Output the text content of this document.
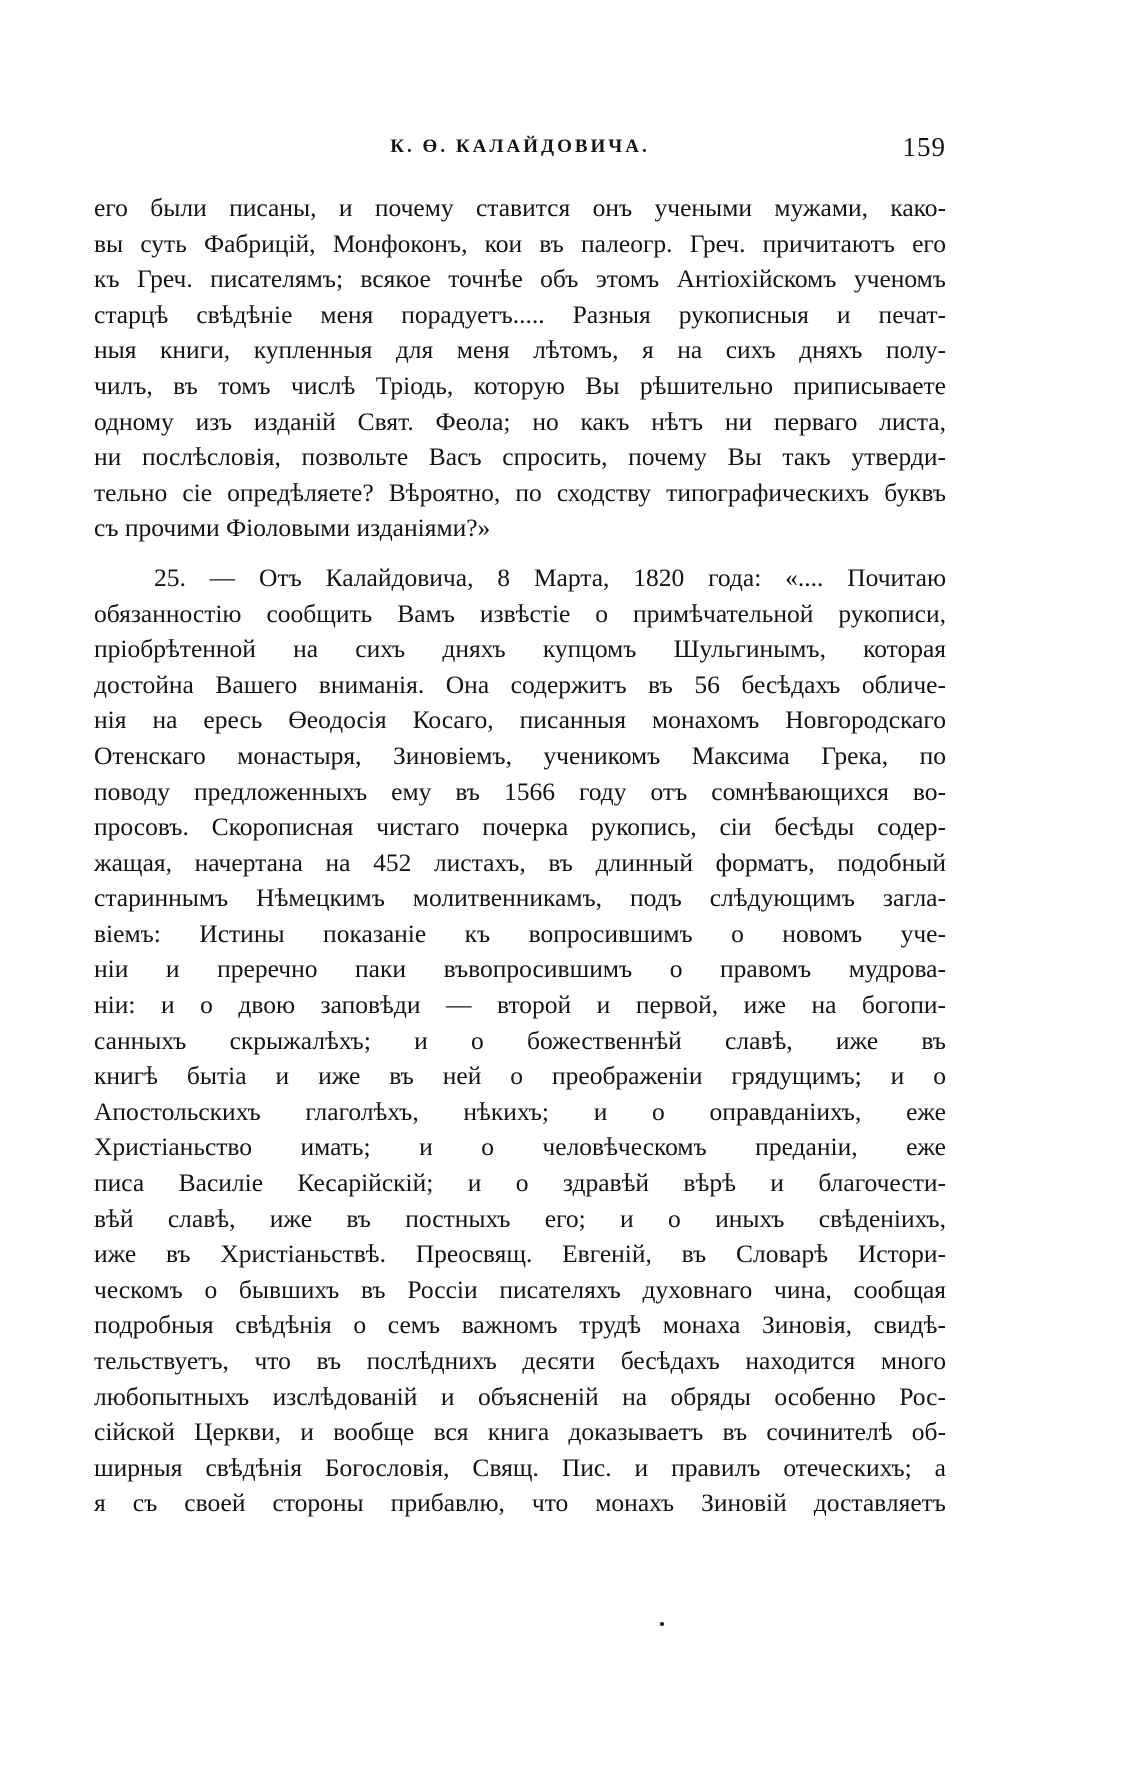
К. Ө. КАЛАЙДОВИЧА.	159
его были писаны, и почему ставится онъ учеными мужами, како-
вы суть Фабрицiй, Монфоконъ, кои въ палеогр. Греч. причитаютъ его
къ Греч. писателямъ; всякое точнѣе объ этомъ Антiохiйскомъ ученомъ
старцѣ свѣдѣнiе меня порадуетъ..... Разныя рукописныя и печат-
ныя книги, купленныя для меня лѣтомъ, я на сихъ дняхъ полу-
чилъ, въ томъ числѣ Трiодь, которую Вы рѣшительно приписываете
одному изъ изданiй Свят. Феола; но какъ нѣтъ ни перваго листа,
ни послѣсловiя, позвольте Васъ спросить, почему Вы такъ утверди-
тельно сiе опредѣляете? Вѣроятно, по сходству типографическихъ буквъ
съ прочими Фiоловыми изданiями?»
25. — Отъ Калайдовича, 8 Марта, 1820 года: «.... Почитаю
обязанностiю сообщить Вамъ извѣстiе о примѣчательной рукописи,
прiобрѣтенной на сихъ дняхъ купцомъ Шульгинымъ, которая
достойна Вашего вниманiя. Она содержитъ въ 56 бесѣдахъ обличе-
нiя на ересь Өеодосiя Косаго, писанныя монахомъ Новгородскаго
Отенскаго монастыря, Зиновiемъ, ученикомъ Максима Грека, по
поводу предложенныхъ ему въ 1566 году отъ сомнѣвающихся во-
просовъ. Скорописная чистаго почерка рукопись, сiи бесѣды содер-
жащая, начертана на 452 листахъ, въ длинный форматъ, подобный
стариннымъ Нѣмецкимъ молитвенникамъ, подъ слѣдующимъ загла-
вiемъ: Истины показанiе къ вопросившимъ о новомъ уче-
нiи и преречно паки въвопросившимъ о правомъ мудрова-
нiи: и о двою заповѣди — второй и первой, иже на богопи-
санныхъ скрыжалѣхъ; и о божественнѣй славѣ, иже въ
книгѣ бытiа и иже въ ней о преображенiи грядущимъ; и о
Апостольскихъ глаголѣхъ, нѣкихъ; и о оправданiихъ, еже
Христiаньство имать; и о человѣческомъ преданiи, еже
писа Василiе Кесарiйскiй; и о здравѣй вѣрѣ и благочести-
вѣй славѣ, иже въ постныхъ его; и о иныхъ свѣденiихъ,
иже въ Христiаньствѣ. Преосвящ. Евгенiй, въ Словарѣ Истори-
ческомъ о бывшихъ въ Россiи писателяхъ духовнаго чина, сообщая
подробныя свѣдѣнiя о семъ важномъ трудѣ монаха Зиновiя, свидѣ-
тельствуетъ, что въ послѣднихъ десяти бесѣдахъ находится много
любопытныхъ изслѣдованiй и объясненiй на обряды особенно Рос-
сiйской Церкви, и вообще вся книга доказываетъ въ сочинителѣ об-
ширныя свѣдѣнiя Богословiя, Свящ. Пис. и правилъ отеческихъ; а
я съ своей стороны прибавлю, что монахъ Зиновiй доставляетъ
